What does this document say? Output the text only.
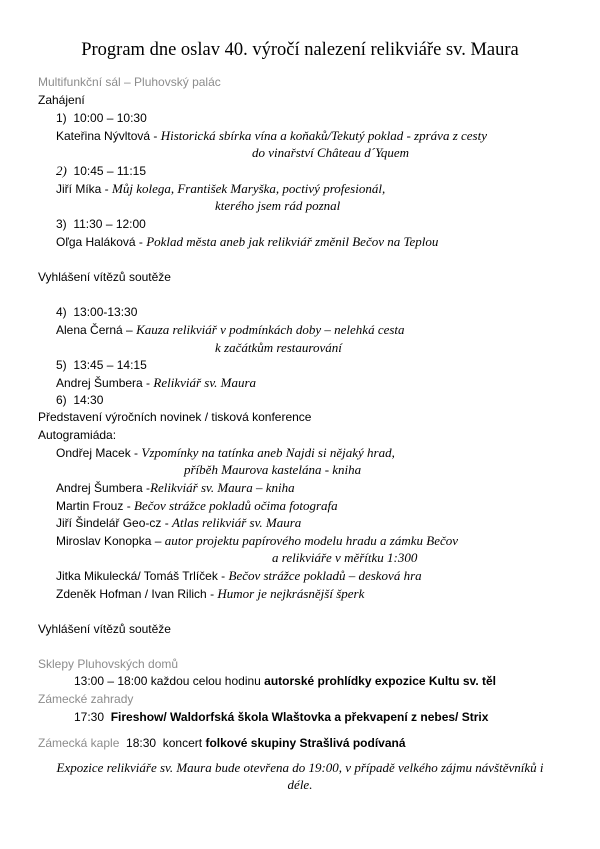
Program dne oslav 40. výročí nalezení relikviáře sv. Maura
Multifunkční sál – Pluhovský palác
Zahájení
1) 10:00 – 10:30
Kateřina Nývltová - Historická sbírka vína a koňaků/Tekutý poklad - zpráva z cesty
do vinařství Château d´Yquem
2) 10:45 – 11:15
Jiří Míka - Můj kolega, František Maryška, poctivý profesionál,
kterého jsem rád poznal
3) 11:30 – 12:00
Oľga Haláková - Poklad města aneb jak relikviář změnil Bečov na Teplou
Vyhlášení vítězů soutěže
4) 13:00-13:30
Alena Černá – Kauza relikviář v podmínkách doby – nelehká cesta
k začátkům restaurování
5) 13:45 – 14:15
Andrej Šumbera - Relikviář sv. Maura
6) 14:30
Představení výročních novinek / tisková konference
Autogramiáda:
Ondřej Macek - Vzpomínky na tatínka aneb Najdi si nějaký hrad,
příběh Maurova kastelána - kniha
Andrej Šumbera -Relikviář sv. Maura – kniha
Martin Frouz - Bečov strážce pokladů očima fotografa
Jiří Šindelář Geo-cz - Atlas relikviář sv. Maura
Miroslav Konopka – autor projektu papírového modelu hradu a zámku Bečov
a relikviáře v měřítku 1:300
Jitka Mikulecká/ Tomáš Trlíček - Bečov strážce pokladů – desková hra
Zdeněk Hofman / Ivan Rilich - Humor je nejkrásnější šperk
Vyhlášení vítězů soutěže
Sklepy Pluhovských domů
13:00 – 18:00 každou celou hodinu autorské prohlídky expozice Kultu sv. těl
Zámecké zahrady
17:30 Fireshow/ Waldorfská škola Wlaštovka a překvapení z nebes/ Strix
Zámecká kaple 18:30 koncert folkové skupiny Strašlivá podívaná
Expozice relikviáře sv. Maura bude otevřena do 19:00, v případě velkého zájmu návštěvníků i
déle.
